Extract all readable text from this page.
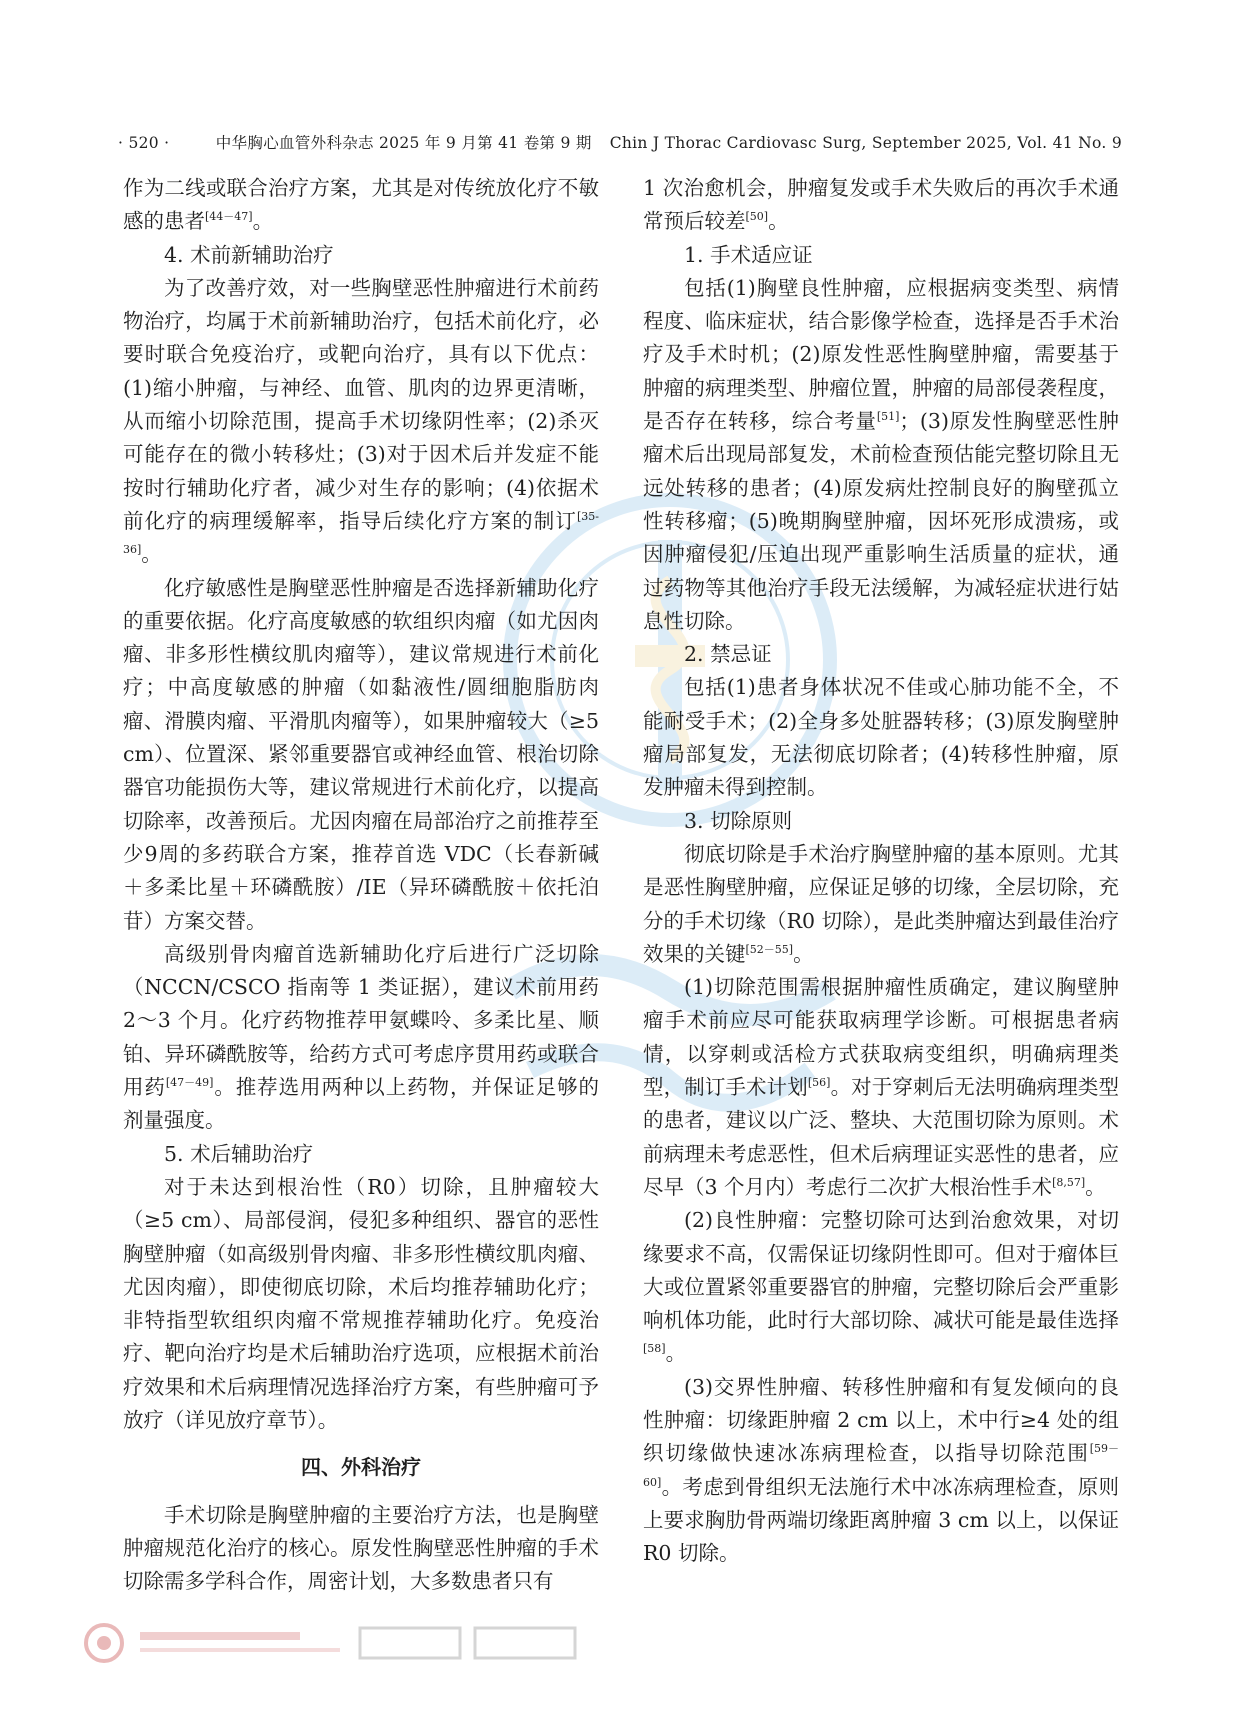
· 520 ·	中华胸心血管外科杂志 2025 年 9 月第 41 卷第 9 期 Chin J Thorac Cardiovasc Surg, September 2025, Vol. 41 No. 9

作为二线或联合治疗方案，尤其是对传统放化疗不敏感的患者[44－47]。

4. 术前新辅助治疗

为了改善疗效，对一些胸壁恶性肿瘤进行术前药物治疗，均属于术前新辅助治疗，包括术前化疗，必要时联合免疫治疗，或靶向治疗，具有以下优点：(1)缩小肿瘤，与神经、血管、肌肉的边界更清晰，从而缩小切除范围，提高手术切缘阴性率；(2)杀灭可能存在的微小转移灶；(3)对于因术后并发症不能按时行辅助化疗者，减少对生存的影响；(4)依据术前化疗的病理缓解率，指导后续化疗方案的制订[35-36]。

化疗敏感性是胸壁恶性肿瘤是否选择新辅助化疗的重要依据。化疗高度敏感的软组织肉瘤（如尤因肉瘤、非多形性横纹肌肉瘤等），建议常规进行术前化疗；中高度敏感的肿瘤（如黏液性/圆细胞脂肪肉瘤、滑膜肉瘤、平滑肌肉瘤等），如果肿瘤较大（≥5 cm）、位置深、紧邻重要器官或神经血管、根治切除器官功能损伤大等，建议常规进行术前化疗，以提高切除率，改善预后。尤因肉瘤在局部治疗之前推荐至少9周的多药联合方案，推荐首选 VDC（长春新碱＋多柔比星＋环磷酰胺）/IE（异环磷酰胺＋依托泊苷）方案交替。

高级别骨肉瘤首选新辅助化疗后进行广泛切除（NCCN/CSCO 指南等 1 类证据），建议术前用药 2～3 个月。化疗药物推荐甲氨蝶呤、多柔比星、顺铂、异环磷酰胺等，给药方式可考虑序贯用药或联合用药[47－49]。推荐选用两种以上药物，并保证足够的剂量强度。

5. 术后辅助治疗

对于未达到根治性（R0）切除，且肿瘤较大（≥5 cm）、局部侵润，侵犯多种组织、器官的恶性胸壁肿瘤（如高级别骨肉瘤、非多形性横纹肌肉瘤、尤因肉瘤），即使彻底切除，术后均推荐辅助化疗；非特指型软组织肉瘤不常规推荐辅助化疗。免疫治疗、靶向治疗均是术后辅助治疗选项，应根据术前治疗效果和术后病理情况选择治疗方案，有些肿瘤可予放疗（详见放疗章节）。

四、外科治疗

手术切除是胸壁肿瘤的主要治疗方法，也是胸壁肿瘤规范化治疗的核心。原发性胸壁恶性肿瘤的手术切除需多学科合作，周密计划，大多数患者只有

1 次治愈机会，肿瘤复发或手术失败后的再次手术通常预后较差[50]。

1. 手术适应证

包括(1)胸壁良性肿瘤，应根据病变类型、病情程度、临床症状，结合影像学检查，选择是否手术治疗及手术时机；(2)原发性恶性胸壁肿瘤，需要基于肿瘤的病理类型、肿瘤位置，肿瘤的局部侵袭程度，是否存在转移，综合考量[51]；(3)原发性胸壁恶性肿瘤术后出现局部复发，术前检查预估能完整切除且无远处转移的患者；(4)原发病灶控制良好的胸壁孤立性转移瘤；(5)晚期胸壁肿瘤，因坏死形成溃疡，或因肿瘤侵犯/压迫出现严重影响生活质量的症状，通过药物等其他治疗手段无法缓解，为减轻症状进行姑息性切除。

2. 禁忌证

包括(1)患者身体状况不佳或心肺功能不全，不能耐受手术；(2)全身多处脏器转移；(3)原发胸壁肿瘤局部复发，无法彻底切除者；(4)转移性肿瘤，原发肿瘤未得到控制。

3. 切除原则

彻底切除是手术治疗胸壁肿瘤的基本原则。尤其是恶性胸壁肿瘤，应保证足够的切缘，全层切除，充分的手术切缘（R0 切除），是此类肿瘤达到最佳治疗效果的关键[52－55]。

(1)切除范围需根据肿瘤性质确定，建议胸壁肿瘤手术前应尽可能获取病理学诊断。可根据患者病情，以穿刺或活检方式获取病变组织，明确病理类型，制订手术计划[56]。对于穿刺后无法明确病理类型的患者，建议以广泛、整块、大范围切除为原则。术前病理未考虑恶性，但术后病理证实恶性的患者，应尽早（3 个月内）考虑行二次扩大根治性手术[8,57]。

(2)良性肿瘤：完整切除可达到治愈效果，对切缘要求不高，仅需保证切缘阴性即可。但对于瘤体巨大或位置紧邻重要器官的肿瘤，完整切除后会严重影响机体功能，此时行大部切除、减状可能是最佳选择[58]。

(3)交界性肿瘤、转移性肿瘤和有复发倾向的良性肿瘤：切缘距肿瘤 2 cm 以上，术中行≥4 处的组织切缘做快速冰冻病理检查，以指导切除范围[59－60]。考虑到骨组织无法施行术中冰冻病理检查，原则上要求胸肋骨两端切缘距离肿瘤 3 cm 以上，以保证 R0 切除。
